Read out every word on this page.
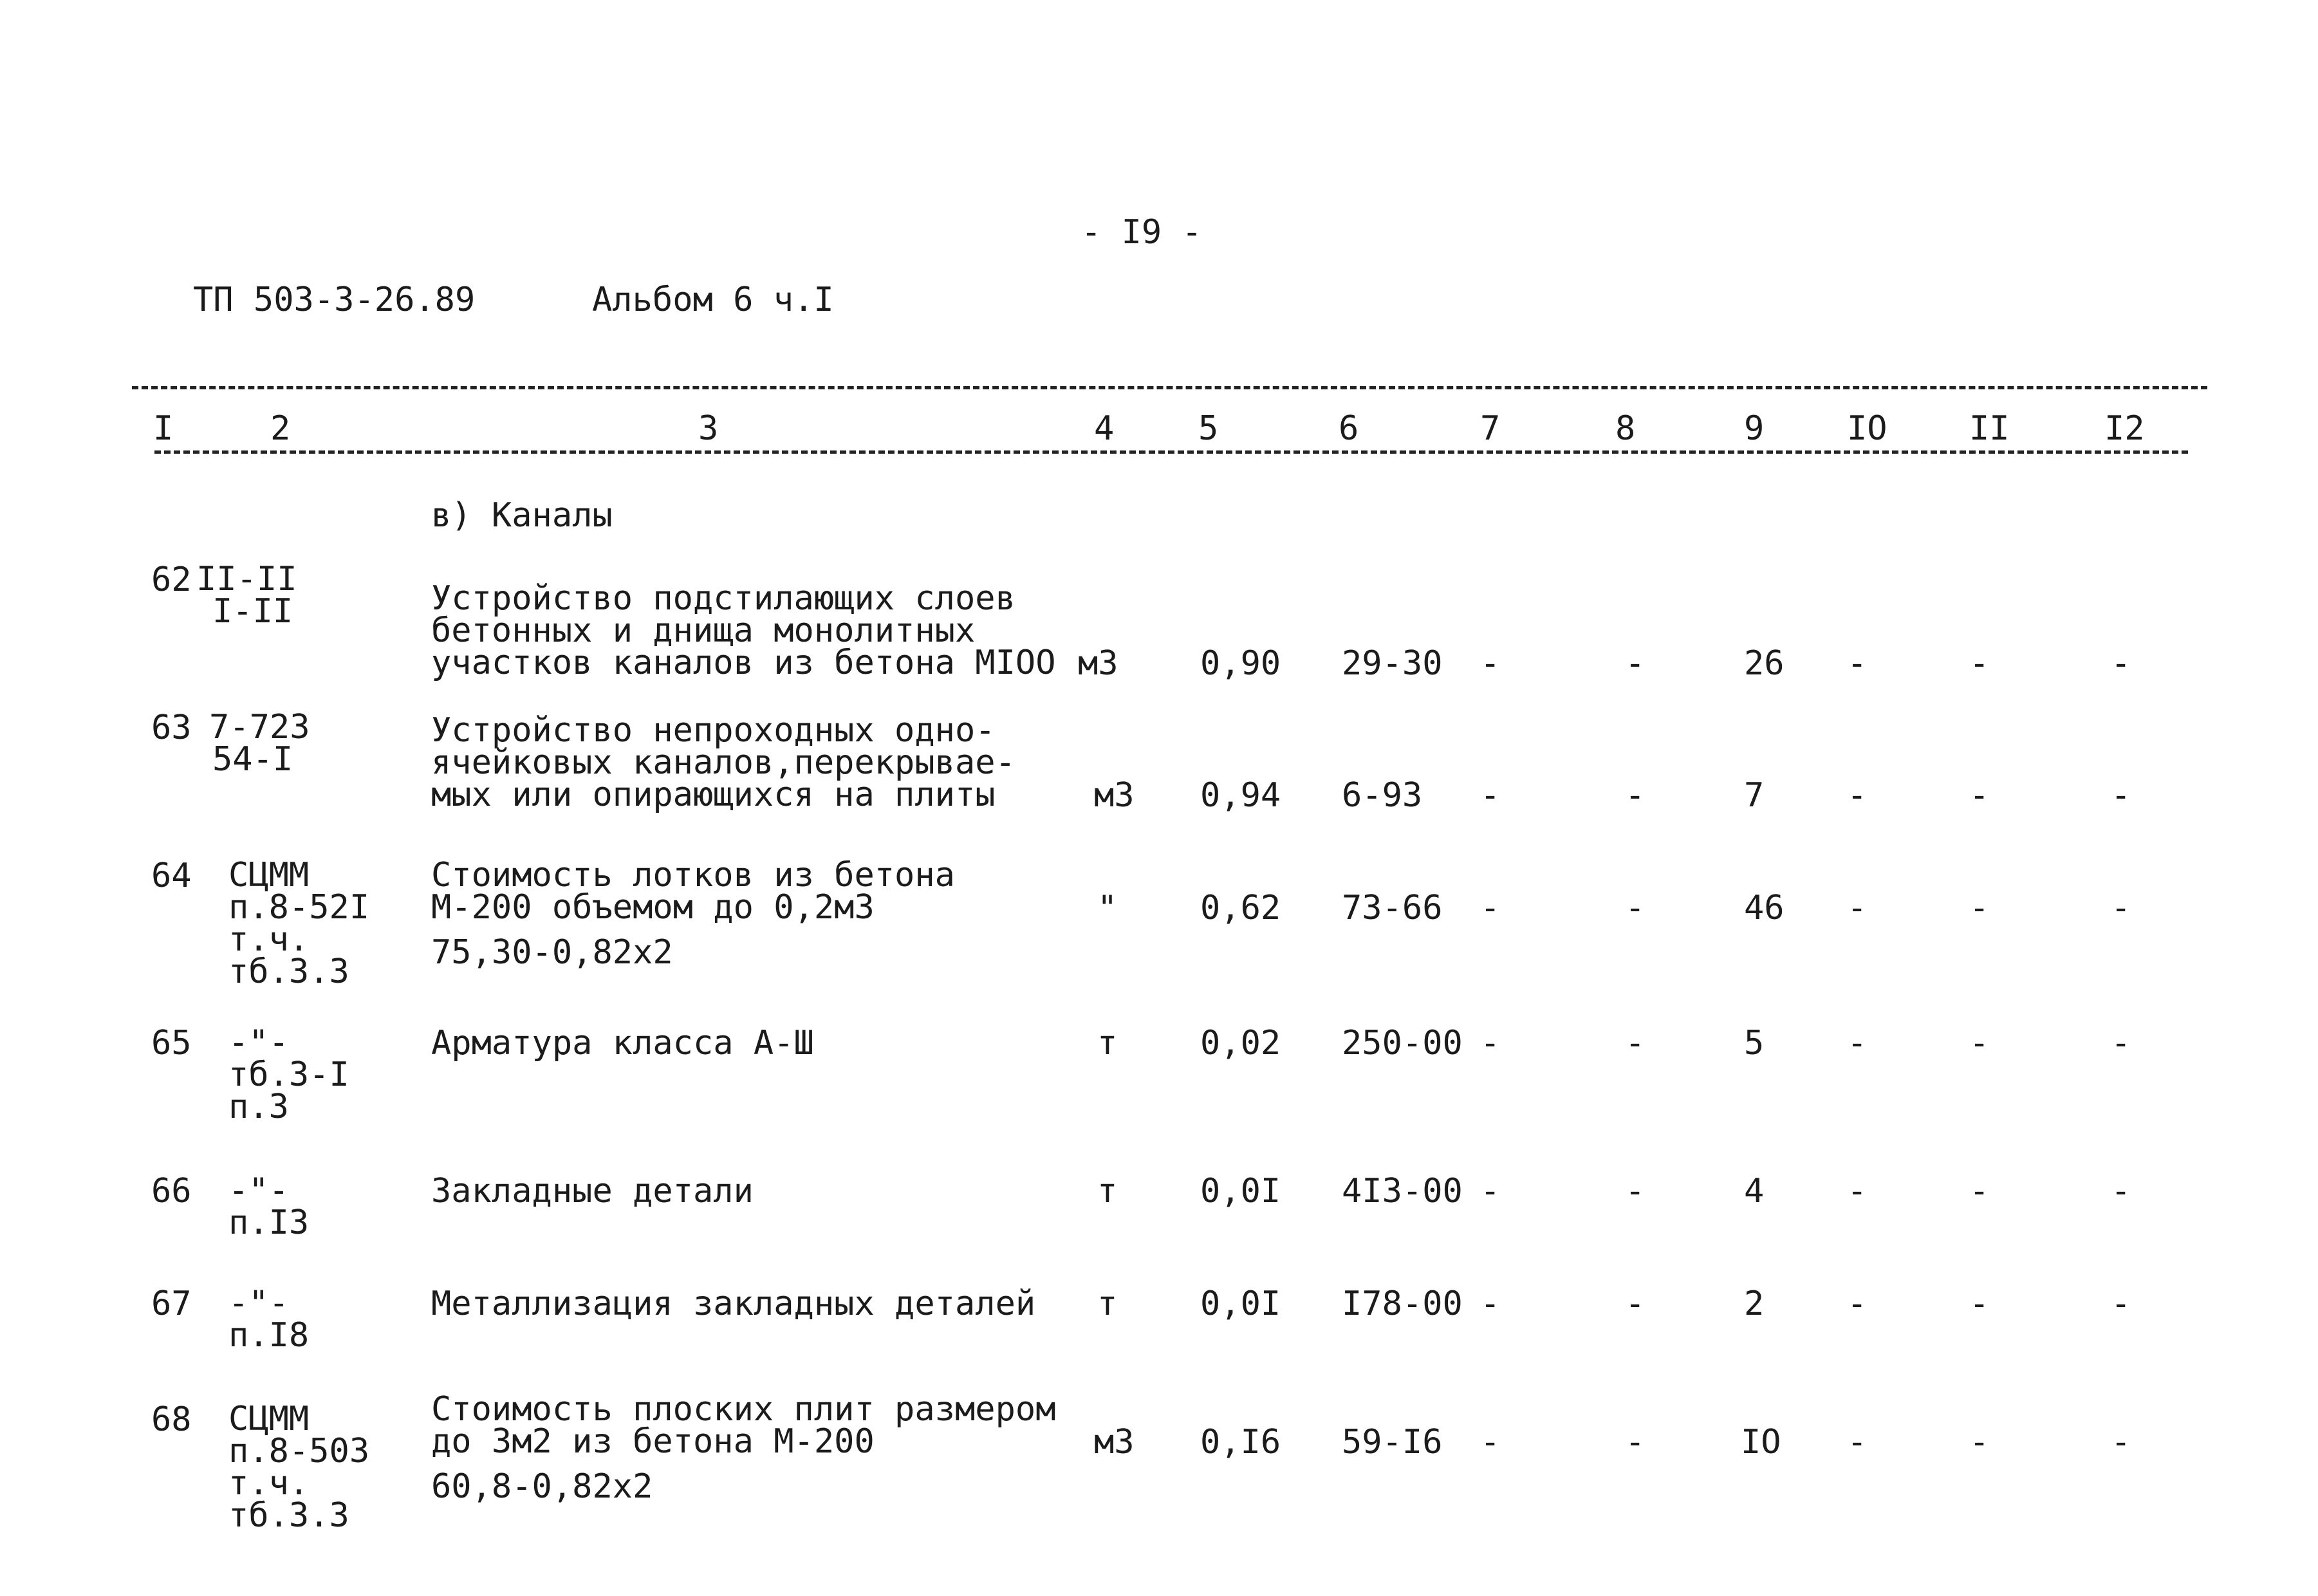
- I9 -
ТП 503-3-26.89	Альбом 6 ч.I
I	2	3	4	5	6	7	8	9 IO II	I2
в) Каналы
62 II-II
I-II	Устройство подстилающих слоев
бетонных и днища монолитных
участков каналов из бетона MIOO м3 0,90 29-30 -	-	26 -	-	-
63 7-723
54-I
Устройство непроходных одно-
ячейковых каналов,перекрывае-
мых или опирающихся на плиты	м3 0,94 6-93 -	-	7 -	-	-
64 СЦММ
п.8-52I
т.ч.
тб.3.3
Стоимость лотков из бетона
М-200 объемом до 0,2м3
75,30-0,82х2
" 0,62 73-66 -	-	46 -	-	-
65 -"-
тб.3-I
п.3
Арматура класса А-Ш	т 0,02 250-00 -	-	5 -	-	-
66 -"-
п.I3
Закладные детали	т 0,0I 4I3-00 -	-	4 -	-	-
67 -"-
п.I8
Металлизация закладных деталей т 0,0I I78-00 -	-	2 -	-	-
68 СЦММ
п.8-503
т.ч.
тб.3.3
Стоимость плоских плит размером
до 3м2 из бетона М-200
60,8-0,82х2
м3 0,I6 59-I6 -	-	IO -	-	-
